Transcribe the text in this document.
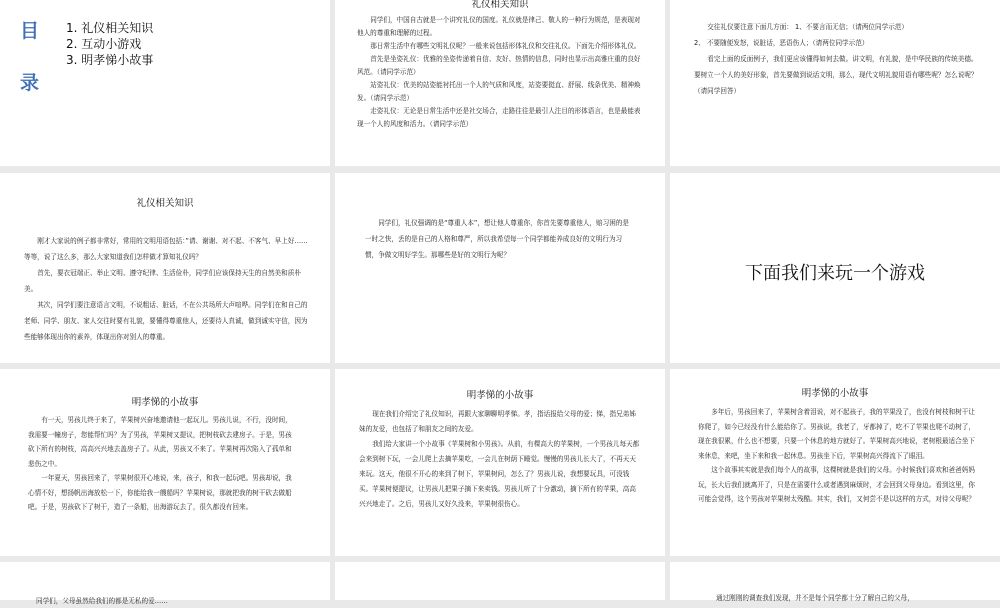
目
录
1. 礼仪相关知识
2. 互动小游戏
3. 明孝悌小故事
礼仪相关知识

同学们，中国自古就是一个讲究礼仪的国度。礼仪就是律己、敬人的一种行为规范，是表现对他人的尊重和理解的过程。

那日常生活中有哪些文明礼仪呢？一般来说包括形体礼仪和交往礼仪。下面先介绍形体礼仪。

首先是坐姿礼仪：优雅的坐姿传递着自信、友好、热情的信息，同时也显示出高雅庄重的良好风范。（请同学示范）

站姿礼仪：优美的站姿能衬托出一个人的气质和风度，站姿要挺直、舒展、线条优美、精神焕发。（请同学示范）

走姿礼仪：无论是日常生活中还是社交场合，走路往往是最引人注目的形体语言，也是最能表现一个人的风度和活力。（请同学示范）

交往礼仪要注意下面几方面： 1、不要言而无信；（请两位同学示范）

2、 不要随便发怒，说脏话，恶语伤人；（请两位同学示范）

看完上面的反面例子，我们更应该懂得如何去做。讲文明，有礼貌，是中华民族的传统美德。要树立一个人的美好形象，首先要做到说话文明，那么，现代文明礼貌用语有哪些呢？怎么说呢？（请同学回答）

礼仪相关知识

刚才大家说的例子都非常好，常用的文明用语包括：”请、谢谢、对不起、不客气、早上好……等等，说了这么多，那么大家知道我们怎样做才算知礼仪吗？

首先，要衣冠端正、举止文明、遵守纪律、生活俭朴，同学们应该保持天生的自然美和质朴美。

其次，同学们要注意语言文明，不说粗话、脏话，不在公共场所大声喧哗。同学们在和自己的老师、同学、朋友、家人交往时要有礼貌，要懂得尊重他人，还要待人真诚，做到诚实守信，因为些能够体现出你的素养，体现出你对别人的尊重。

同学们，礼仪强调的是“尊重人本”，想让他人尊重你，你首先要尊重他人，赔习困的是一时之快，丢的是自己的人格和尊严，所以我希望每一个同学都能养成良好的文明行为习惯，争做文明好学生。那哪些是好的文明行为呢？

下面我们来玩一个游戏
明孝悌的小故事

有一天，男孩儿终于来了，苹果树兴奋地邀请他一起玩儿。男孩儿说，不行，没时间，我需要一幢房子，您能帮忙吗？为了男孩，苹果树又提议，把树枝砍去建房子。于是，男孩砍下所有的树枝，高高兴兴地去盖房子了。从此，男孩又不来了。苹果树再次陷入了孤单和悲伤之中。

一年夏天，男孩回来了，苹果树很开心地说，来，孩子，和我一起玩吧。男孩却说，我心情不好，想扬帆出海放松一下，你能给我一艘船吗？苹果树说，那就把我的树干砍去做船吧。于是，男孩砍下了树干，造了一条船，出海游玩去了，很久都没有回来。

明孝悌的小故事

现在我们介绍完了礼仪知识，再跟大家聊聊明孝悌。孝，指话报给父母的爱；悌，指兄弟姊妹的友爱，也包括了和朋友之间的友爱。

我们给大家讲一个小故事《苹果树和小男孩》。从前，有棵高大的苹果树，一个男孩儿每天都会来到树下玩，一会儿爬上去摘苹果吃，一会儿在树荫下睡觉。慢慢的男孩儿长大了，不再天天来玩。这天，他很不开心的来到了树下，苹果树问，怎么了？男孩儿说，我想要玩具，可没钱买。苹果树便提议，让男孩儿把果子摘下来卖钱。男孩儿听了十分激动，摘下所有的苹果，高高兴兴地走了。之后，男孩儿又好久没来，苹果树很伤心。

明孝悌的小故事

多年后，男孩回来了，苹果树含着泪说，对不起孩子，我的苹果没了，也没有树枝和树干让你爬了，如今已经没有什么能给你了。男孩说，我老了，牙都掉了，吃不了苹果也爬不动树了，现在我很累，什么也不想要，只要一个休息的地方就好了。苹果树高兴地说，老树根最适合坐下来休息，来吧，坐下来和我一起休息。男孩坐下后，苹果树高兴得流下了眼泪。

这个故事其实就是我们每个人的故事，这棵树就是我们的父母。小时候我们喜欢和爸爸妈妈玩，长大后我们就离开了，只是在需要什么或者遇到麻烦时，才会回到父母身边。看到这里，你可能会觉得，这个男孩对苹果树太残酷。其实，我们，又何尝不是以这样的方式，对待父母呢？

同学们，父母虽然给我们的都是无私的爱……	通过刚刚的调查我们发现，并不是每个同学都十分了解自己的父母，
